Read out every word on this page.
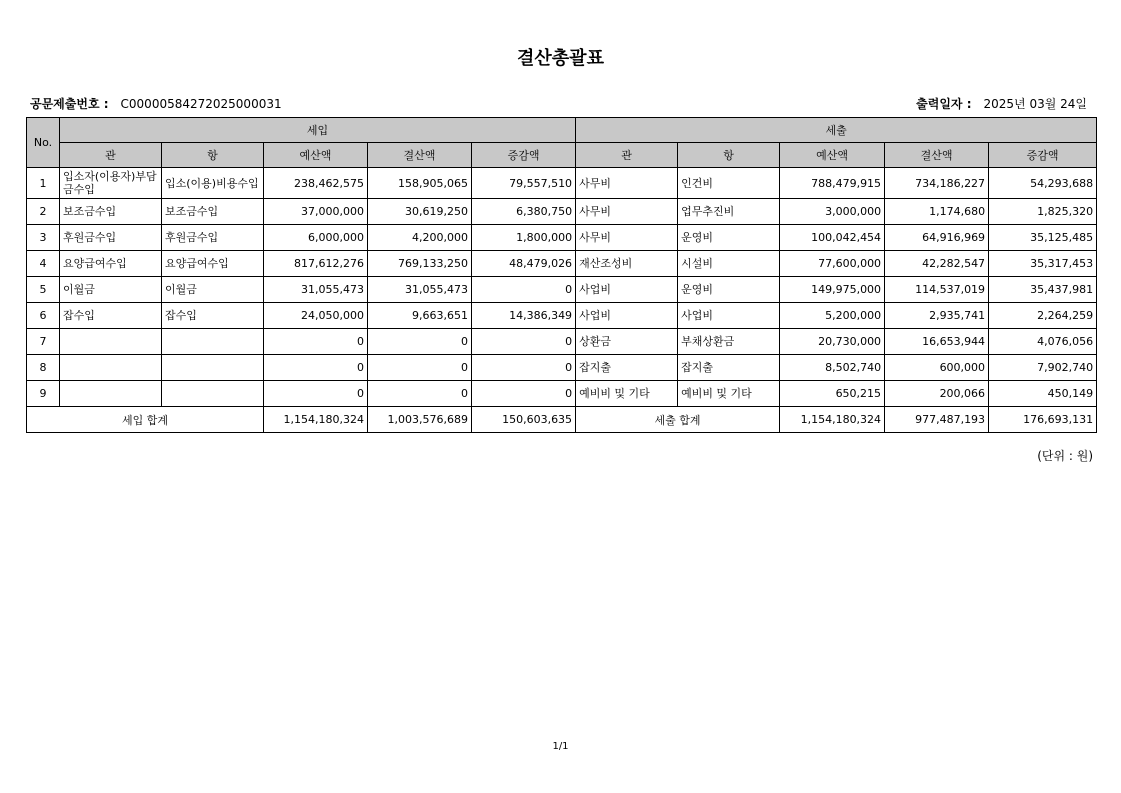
결산총괄표
공문제출번호 : C00000584272025000031	출력일자 : 2025년 03월 24일
No.	세입					세출				
	관	항	예산액	결산액	증감액	관	항	예산액	결산액	증감액
1	입소자(이용자)부담금수입	입소(이용)비용수입	238,462,575	158,905,065	79,557,510	사무비	인건비	788,479,915	734,186,227	54,293,688
2	보조금수입	보조금수입	37,000,000	30,619,250	6,380,750	사무비	업무추진비	3,000,000	1,174,680	1,825,320
3	후원금수입	후원금수입	6,000,000	4,200,000	1,800,000	사무비	운영비	100,042,454	64,916,969	35,125,485
4	요양급여수입	요양급여수입	817,612,276	769,133,250	48,479,026	재산조성비	시설비	77,600,000	42,282,547	35,317,453
5	이월금	이월금	31,055,473	31,055,473	0	사업비	운영비	149,975,000	114,537,019	35,437,981
6	잡수입	잡수입	24,050,000	9,663,651	14,386,349	사업비	사업비	5,200,000	2,935,741	2,264,259
7			0	0	0	상환금	부채상환금	20,730,000	16,653,944	4,076,056
8			0	0	0	잡지출	잡지출	8,502,740	600,000	7,902,740
9			0	0	0	예비비 및 기타	예비비 및 기타	650,215	200,066	450,149
세입 합계			1,154,180,324	1,003,576,689	150,603,635	세출 합계		1,154,180,324	977,487,193	176,693,131
(단위 : 원)
1/1
